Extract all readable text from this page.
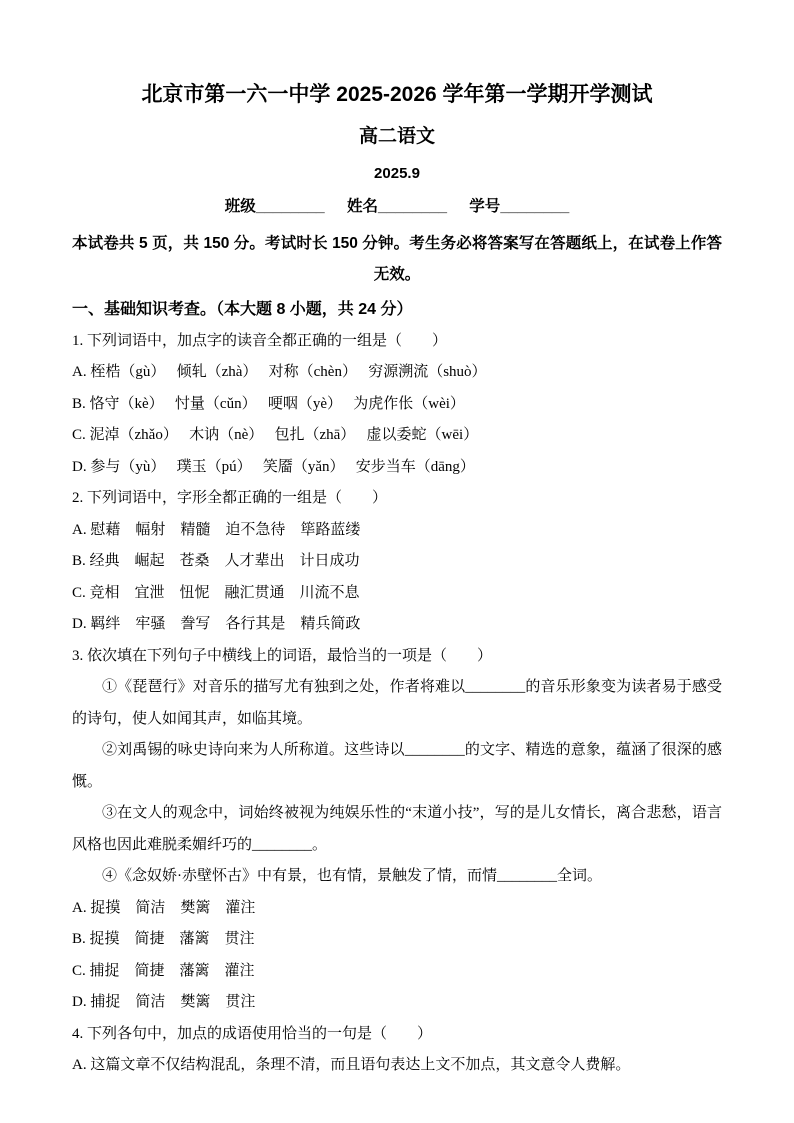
北京市第一六一中学 2025-2026 学年第一学期开学测试
高二语文
2025.9
班级________ 姓名________ 学号________

本试卷共 5 页，共 150 分。考试时长 150 分钟。考生务必将答案写在答题纸上，在试卷上作答无效。

一、基础知识考查。（本大题 8 小题，共 24 分）

1. 下列词语中，加点字的读音全都正确的一组是（　　）

A. 桎梏（gù）　 倾轧（zhà）　 对称（chèn）　 穷源溯流（shuò）

B. 恪守（kè）　 忖量（cǔn）　 哽咽（yè）　 为虎作伥（wèi）

C. 泥淖（zhǎo）　 木讷（nè）　 包扎（zhā）　 虚以委蛇（wēi）

D. 参与（yù）　 璞玉（pú）　 笑靥（yǎn）　 安步当车（dāng）

2. 下列词语中，字形全都正确的一组是（　　）

A. 慰藉　幅射　精髓　迫不急待　筚路蓝缕

B. 经典　崛起　苍桑　人才辈出　计日成功

C. 竞相　宜泄　忸怩　融汇贯通　川流不息

D. 羁绊　牢骚　誊写　各行其是　精兵简政

3. 依次填在下列句子中横线上的词语，最恰当的一项是（　　）

①《琵琶行》对音乐的描写尤有独到之处，作者将难以________的音乐形象变为读者易于感受的诗句，使人如闻其声，如临其境。

②刘禹锡的咏史诗向来为人所称道。这些诗以________的文字、精选的意象，蕴涵了很深的感慨。

③在文人的观念中，词始终被视为纯娱乐性的“末道小技”，写的是儿女情长，离合悲愁，语言风格也因此难脱柔媚纤巧的________。

④《念奴娇·赤壁怀古》中有景，也有情，景触发了情，而情________全词。

A. 捉摸　简洁　樊篱　灌注

B. 捉摸　简捷　藩篱　贯注

C. 捕捉　简捷　藩篱　灌注

D. 捕捉　简洁　樊篱　贯注

4. 下列各句中，加点的成语使用恰当的一句是（　　）

A. 这篇文章不仅结构混乱，条理不清，而且语句表达上文不加点，其文意令人费解。
